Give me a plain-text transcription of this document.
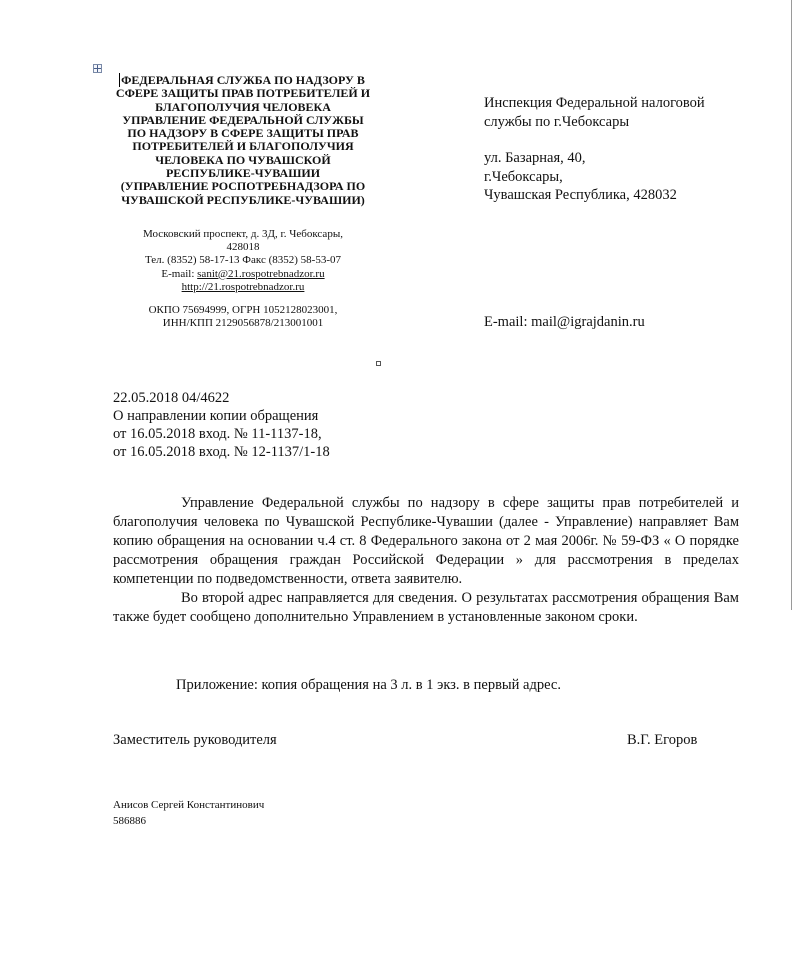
ФЕДЕРАЛЬНАЯ СЛУЖБА ПО НАДЗОРУ В
СФЕРЕ ЗАЩИТЫ ПРАВ ПОТРЕБИТЕЛЕЙ И
БЛАГОПОЛУЧИЯ ЧЕЛОВЕКА
УПРАВЛЕНИЕ ФЕДЕРАЛЬНОЙ СЛУЖБЫ
ПО НАДЗОРУ В СФЕРЕ ЗАЩИТЫ ПРАВ
ПОТРЕБИТЕЛЕЙ И БЛАГОПОЛУЧИЯ
ЧЕЛОВЕКА ПО ЧУВАШСКОЙ
РЕСПУБЛИКЕ-ЧУВАШИИ
(УПРАВЛЕНИЕ РОСПОТРЕБНАДЗОРА ПО
ЧУВАШСКОЙ РЕСПУБЛИКЕ-ЧУВАШИИ)
Московский проспект, д. 3Д, г. Чебоксары,
428018
Тел. (8352) 58-17-13 Факс (8352) 58-53-07
E-mail: sanit@21.rospotrebnadzor.ru
http://21.rospotrebnadzor.ru
ОКПО 75694999, ОГРН 1052128023001,
ИНН/КПП 2129056878/213001001
Инспекция Федеральной налоговой
службы по г.Чебоксары
ул. Базарная, 40,
г.Чебоксары,
Чувашская Республика, 428032
E-mail: mail@igrajdanin.ru
22.05.2018 04/4622
О направлении копии обращения
от 16.05.2018 вход. № 11-1137-18,
от 16.05.2018 вход. № 12-1137/1-18

Управление Федеральной службы по надзору в сфере защиты прав потребителей и благополучия человека по Чувашской Республике-Чувашии (далее - Управление) направляет Вам копию обращения на основании ч.4 ст. 8 Федерального закона от 2 мая 2006г. № 59-ФЗ « О порядке рассмотрения обращения граждан Российской Федерации » для рассмотрения в пределах компетенции по подведомственности, ответа заявителю.

Во второй адрес направляется для сведения. О результатах рассмотрения обращения Вам также будет сообщено дополнительно Управлением в установленные законом сроки.

Приложение: копия обращения на 3 л. в 1 экз. в первый адрес.
Заместитель руководителя	В.Г. Егоров
Анисов Сергей Константинович
586886
